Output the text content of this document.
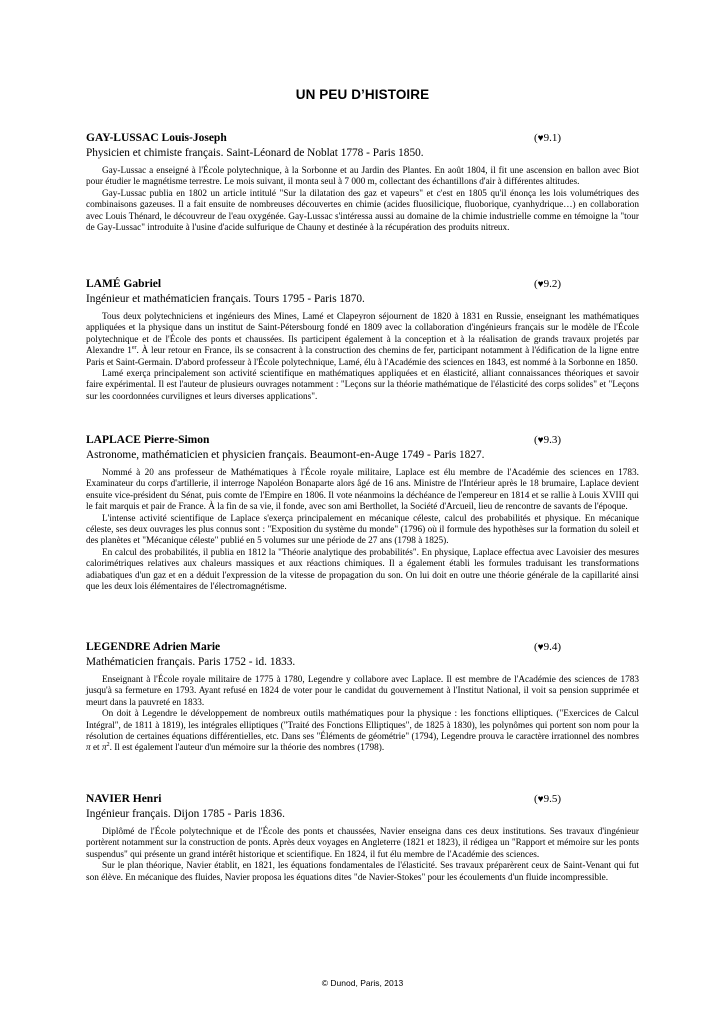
UN PEU D’HISTOIRE
GAY-LUSSAC Louis-Joseph	(♥9.1)
Physicien et chimiste français. Saint-Léonard de Noblat 1778 - Paris 1850.

Gay-Lussac a enseigné à l'École polytechnique, à la Sorbonne et au Jardin des Plantes. En août 1804, il fit une ascension en ballon avec Biot pour étudier le magnétisme terrestre. Le mois suivant, il monta seul à 7 000 m, collectant des échantillons d'air à différentes altitudes.

Gay-Lussac publia en 1802 un article intitulé "Sur la dilatation des gaz et vapeurs" et c'est en 1805 qu'il énonça les lois volumétriques des combinaisons gazeuses. Il a fait ensuite de nombreuses découvertes en chimie (acides fluosilicique, fluoborique, cyanhydrique…) en collaboration avec Louis Thénard, le découvreur de l'eau oxygénée. Gay-Lussac s'intéressa aussi au domaine de la chimie industrielle comme en témoigne la "tour de Gay-Lussac" introduite à l'usine d'acide sulfurique de Chauny et destinée à la récupération des produits nitreux.

LAMÉ Gabriel	(♥9.2)
Ingénieur et mathématicien français. Tours 1795 - Paris 1870.

Tous deux polytechniciens et ingénieurs des Mines, Lamé et Clapeyron séjournent de 1820 à 1831 en Russie, enseignant les mathématiques appliquées et la physique dans un institut de Saint-Pétersbourg fondé en 1809 avec la collaboration d'ingénieurs français sur le modèle de l'École polytechnique et de l'École des ponts et chaussées. Ils participent également à la conception et à la réalisation de grands travaux projetés par Alexandre 1er. À leur retour en France, ils se consacrent à la construction des chemins de fer, participant notamment à l'édification de la ligne entre Paris et Saint-Germain. D'abord professeur à l'École polytechnique, Lamé, élu à l'Académie des sciences en 1843, est nommé à la Sorbonne en 1850.

Lamé exerça principalement son activité scientifique en mathématiques appliquées et en élasticité, alliant connaissances théoriques et savoir faire expérimental. Il est l'auteur de plusieurs ouvrages notamment : "Leçons sur la théorie mathématique de l'élasticité des corps solides" et "Leçons sur les coordonnées curvilignes et leurs diverses applications".

LAPLACE Pierre-Simon	(♥9.3)
Astronome, mathématicien et physicien français. Beaumont-en-Auge 1749 - Paris 1827.

Nommé à 20 ans professeur de Mathématiques à l'École royale militaire, Laplace est élu membre de l'Académie des sciences en 1783. Examinateur du corps d'artillerie, il interroge Napoléon Bonaparte alors âgé de 16 ans. Ministre de l'Intérieur après le 18 brumaire, Laplace devient ensuite vice-président du Sénat, puis comte de l'Empire en 1806. Il vote néanmoins la déchéance de l'empereur en 1814 et se rallie à Louis XVIII qui le fait marquis et pair de France. À la fin de sa vie, il fonde, avec son ami Berthollet, la Société d'Arcueil, lieu de rencontre de savants de l'époque.

L'intense activité scientifique de Laplace s'exerça principalement en mécanique céleste, calcul des probabilités et physique. En mécanique céleste, ses deux ouvrages les plus connus sont : "Exposition du système du monde" (1796) où il formule des hypothèses sur la formation du soleil et des planètes et "Mécanique céleste" publié en 5 volumes sur une période de 27 ans (1798 à 1825).

En calcul des probabilités, il publia en 1812 la "Théorie analytique des probabilités". En physique, Laplace effectua avec Lavoisier des mesures calorimétriques relatives aux chaleurs massiques et aux réactions chimiques. Il a également établi les formules traduisant les transformations adiabatiques d'un gaz et en a déduit l'expression de la vitesse de propagation du son. On lui doit en outre une théorie générale de la capillarité ainsi que les deux lois élémentaires de l'électromagnétisme.

LEGENDRE Adrien Marie	(♥9.4)
Mathématicien français. Paris 1752 - id. 1833.

Enseignant à l'École royale militaire de 1775 à 1780, Legendre y collabore avec Laplace. Il est membre de l'Académie des sciences de 1783 jusqu'à sa fermeture en 1793. Ayant refusé en 1824 de voter pour le candidat du gouvernement à l'Institut National, il voit sa pension supprimée et meurt dans la pauvreté en 1833.

On doit à Legendre le développement de nombreux outils mathématiques pour la physique : les fonctions elliptiques. ("Exercices de Calcul Intégral", de 1811 à 1819), les intégrales elliptiques ("Traité des Fonctions Elliptiques", de 1825 à 1830), les polynômes qui portent son nom pour la résolution de certaines équations différentielles, etc. Dans ses "Éléments de géométrie" (1794), Legendre prouva le caractère irrationnel des nombres π et $\pi^2$. Il est également l'auteur d'un mémoire sur la théorie des nombres (1798).

NAVIER Henri	(♥9.5)
Ingénieur français. Dijon 1785 - Paris 1836.

Diplômé de l'École polytechnique et de l'École des ponts et chaussées, Navier enseigna dans ces deux institutions. Ses travaux d'ingénieur portèrent notamment sur la construction de ponts. Après deux voyages en Angleterre (1821 et 1823), il rédigea un "Rapport et mémoire sur les ponts suspendus" qui présente un grand intérêt historique et scientifique. En 1824, il fut élu membre de l'Académie des sciences.

Sur le plan théorique, Navier établit, en 1821, les équations fondamentales de l'élasticité. Ses travaux préparèrent ceux de Saint-Venant qui fut son élève. En mécanique des fluides, Navier proposa les équations dites "de Navier-Stokes" pour les écoulements d'un fluide incompressible.

© Dunod, Paris, 2013
